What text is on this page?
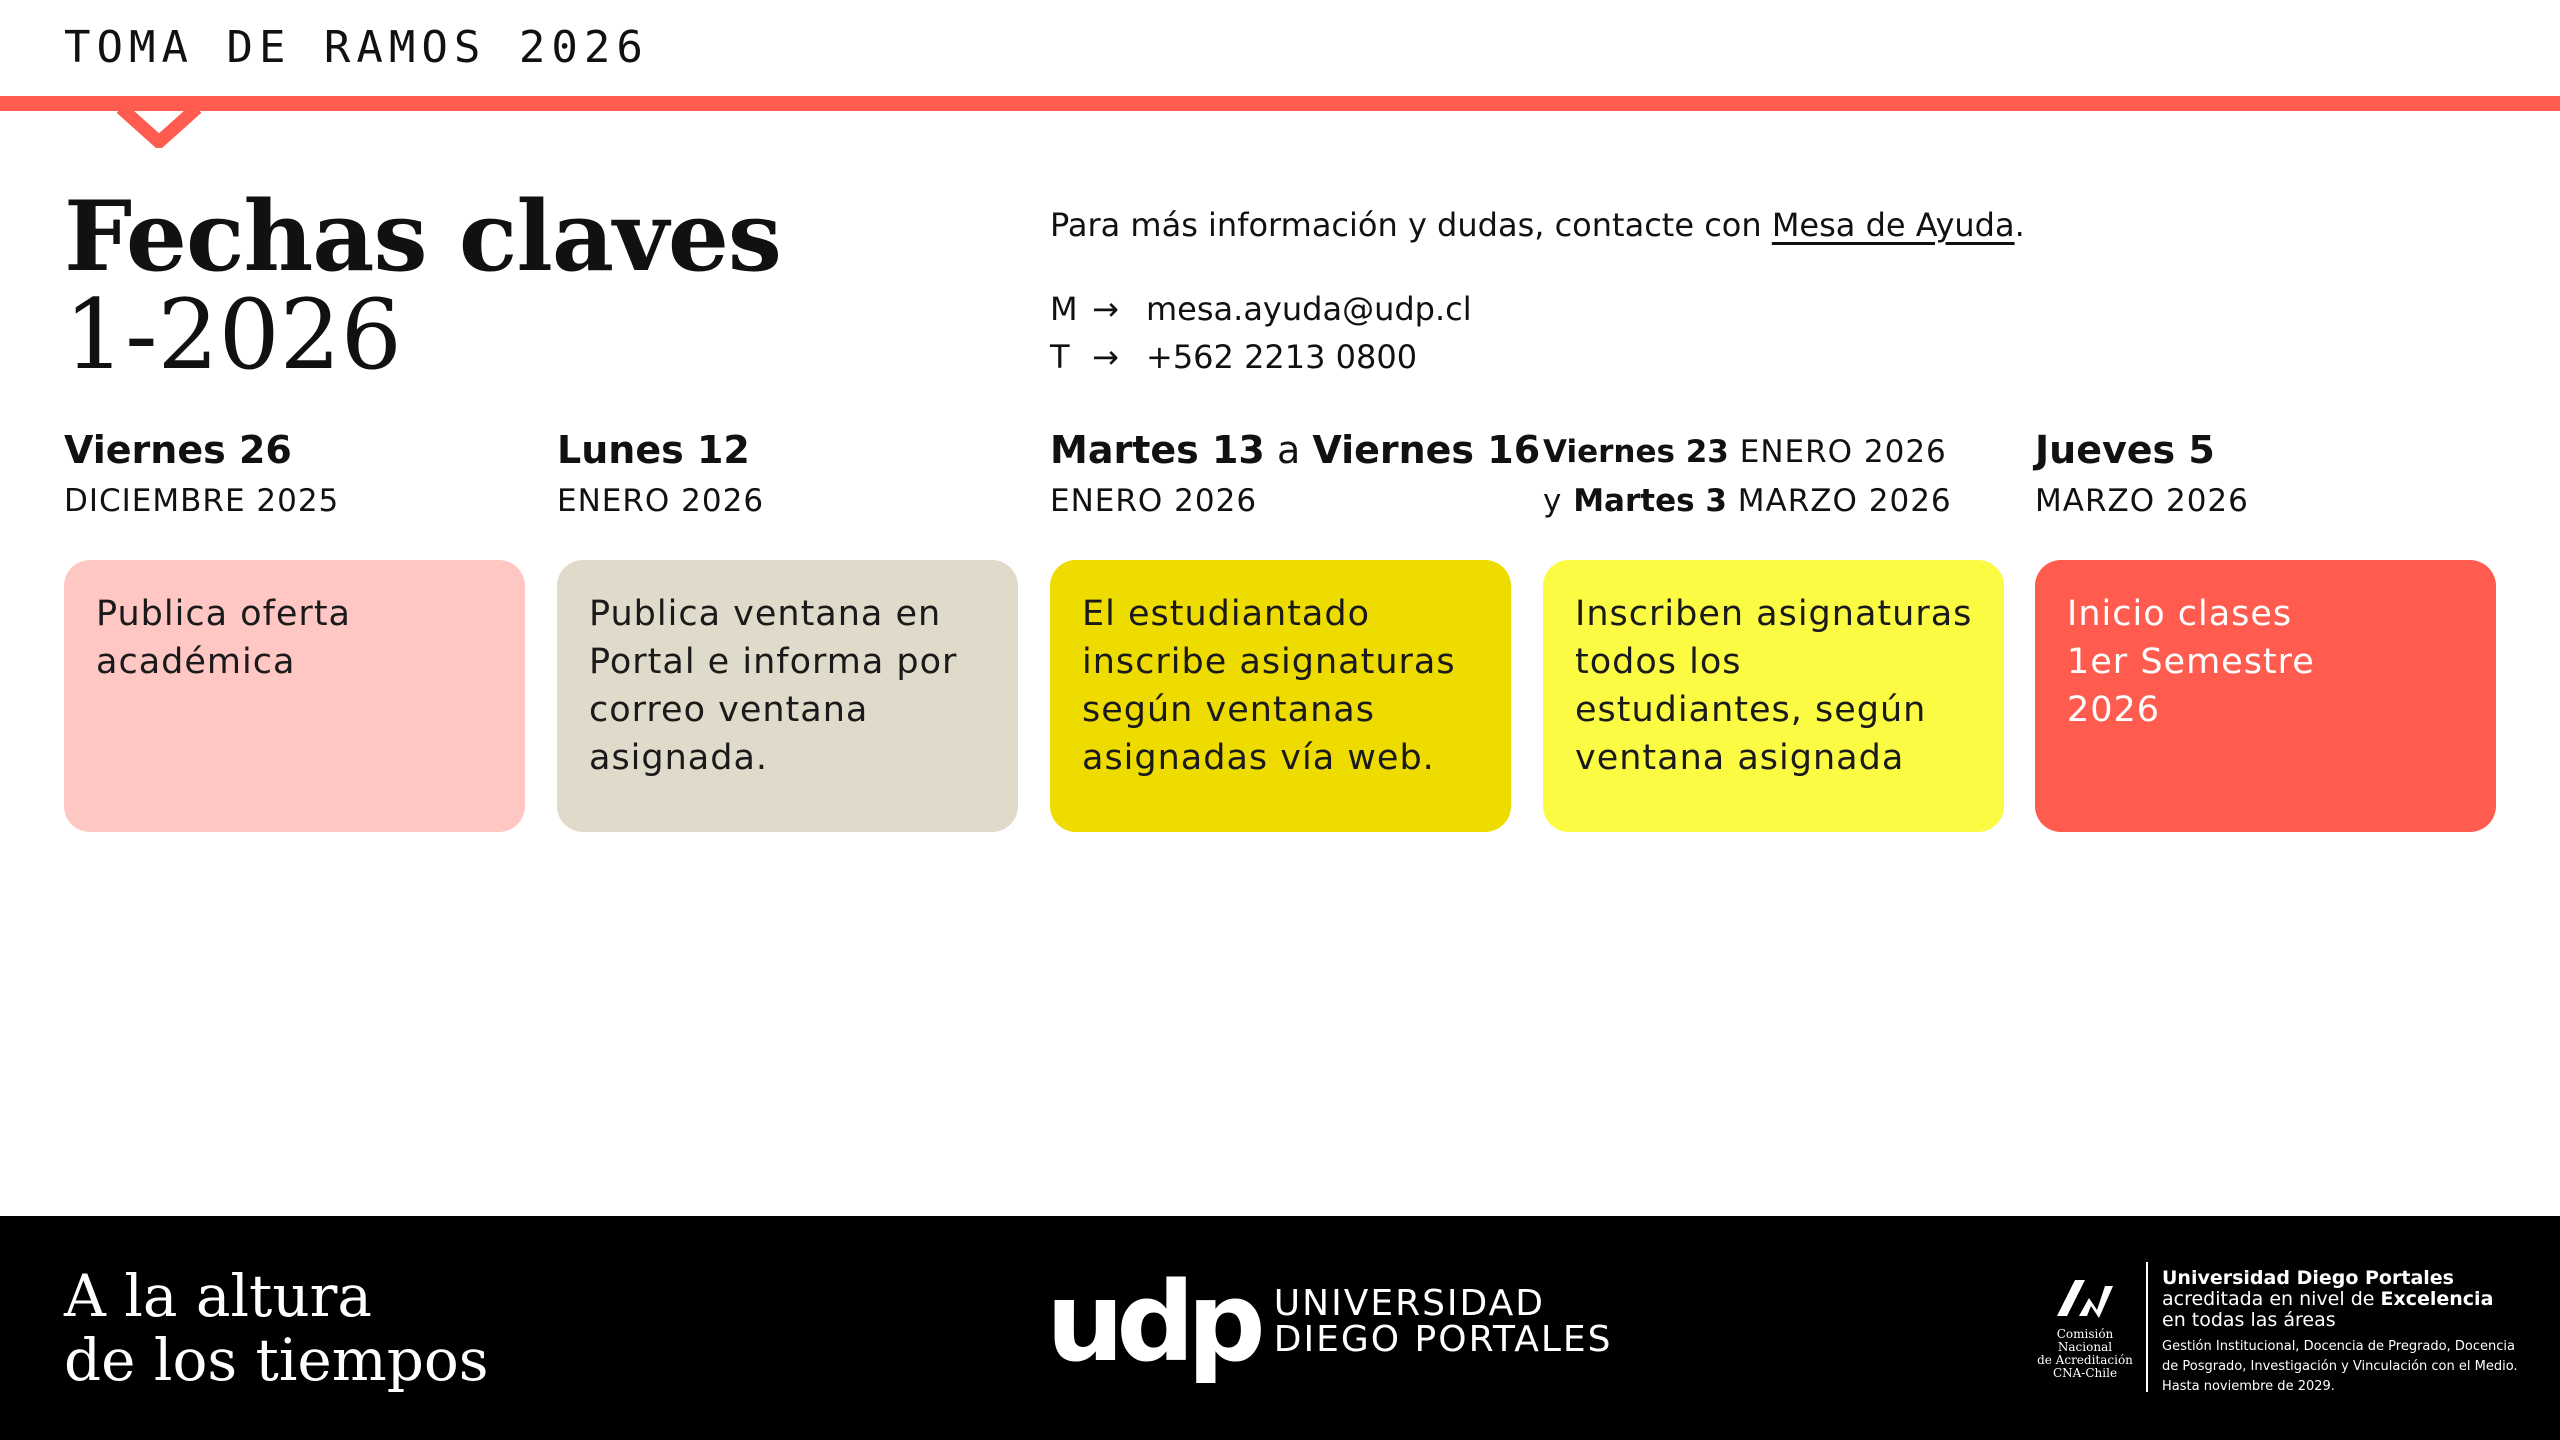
TOMA DE RAMOS 2026
Fechas claves
1-2026
Para más información y dudas, contacte con Mesa de Ayuda.
M → mesa.ayuda@udp.cl
T → +562 2213 0800
Viernes 26
DICIEMBRE 2025
Publica oferta académica
Lunes 12
ENERO 2026
Publica ventana en Portal e informa por correo ventana asignada.
Martes 13 a Viernes 16
ENERO 2026
El estudiantado inscribe asignaturas según ventanas asignadas vía web.
Viernes 23 ENERO 2026
y Martes 3 MARZO 2026
Inscriben asignaturas todos los estudiantes, según ventana asignada
Jueves 5
MARZO 2026
Inicio clases 1er Semestre 2026
A la altura
de los tiempos	udp UNIVERSIDAD
DIEGO PORTALES	Comisión Nacional
de Acreditación
CNA-Chile
Universidad Diego Portales
acreditada en nivel de Excelencia
en todas las áreas
Gestión Institucional, Docencia de Pregrado, Docencia
de Posgrado, Investigación y Vinculación con el Medio.
Hasta noviembre de 2029.
